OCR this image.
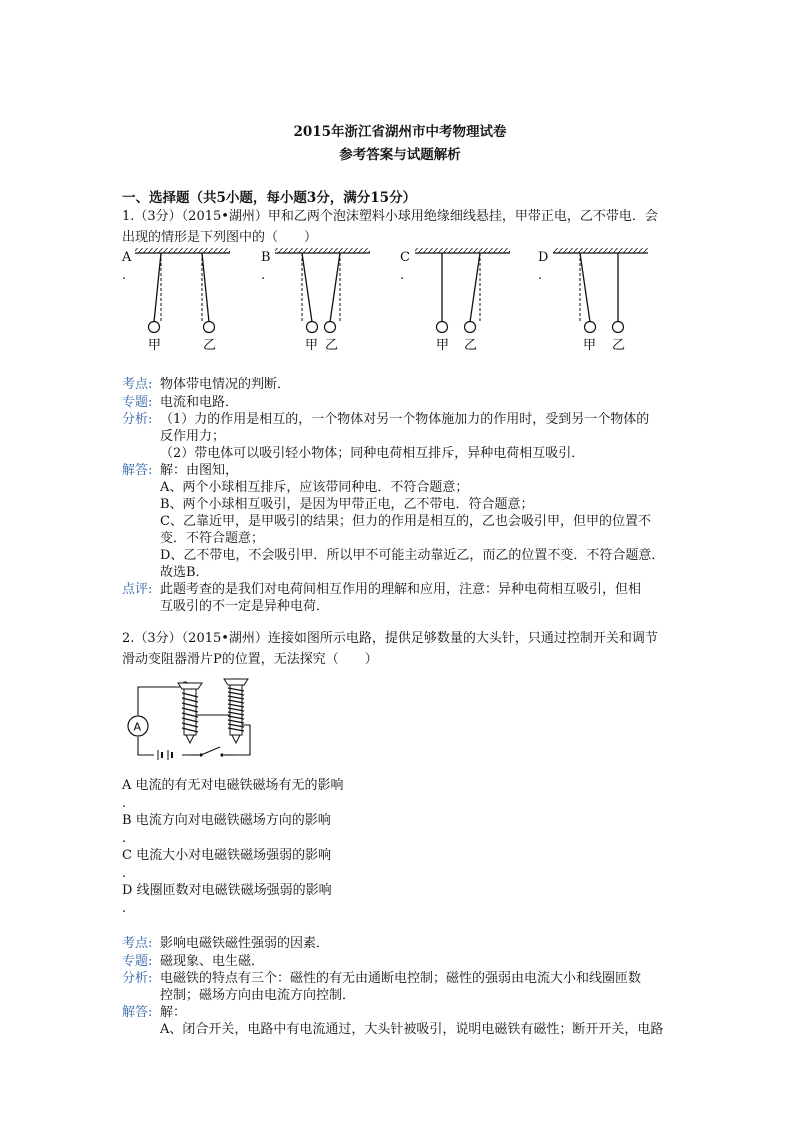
2015年浙江省湖州市中考物理试卷
参考答案与试题解析
一、选择题（共5小题，每小题3分，满分15分）
1.（3分）（2015•湖州）甲和乙两个泡沫塑料小球用绝缘细线悬挂，甲带正电，乙不带电．会
出现的情形是下列图中的（　　）
A
.
B
.
C
.
D
.
甲	乙	甲 乙	甲 乙	甲 乙
考点: 物体带电情况的判断．
专题: 电流和电路．
分析: （1）力的作用是相互的，一个物体对另一个物体施加力的作用时，受到另一个物体的
反作用力；
（2）带电体可以吸引轻小物体；同种电荷相互排斥，异种电荷相互吸引．
解答: 解：由图知，
A、两个小球相互排斥，应该带同种电．不符合题意；
B、两个小球相互吸引，是因为甲带正电，乙不带电．符合题意；
C、乙靠近甲，是甲吸引的结果；但力的作用是相互的，乙也会吸引甲，但甲的位置不
变．不符合题意；
D、乙不带电，不会吸引甲．所以甲不可能主动靠近乙，而乙的位置不变．不符合题意．
故选B．
点评: 此题考查的是我们对电荷间相互作用的理解和应用，注意：异种电荷相互吸引，但相
互吸引的不一定是异种电荷．
2.（3分）（2015•湖州）连接如图所示电路，提供足够数量的大头针，只通过控制开关和调节
滑动变阻器滑片P的位置，无法探究（　　）
A
A 电流的有无对电磁铁磁场有无的影响
.
B 电流方向对电磁铁磁场方向的影响
.
C 电流大小对电磁铁磁场强弱的影响
.
D 线圈匝数对电磁铁磁场强弱的影响
.
考点: 影响电磁铁磁性强弱的因素．
专题: 磁现象、电生磁．
分析: 电磁铁的特点有三个：磁性的有无由通断电控制；磁性的强弱由电流大小和线圈匝数
控制；磁场方向由电流方向控制．
解答: 解：
A、闭合开关，电路中有电流通过，大头针被吸引，说明电磁铁有磁性；断开开关，电路
